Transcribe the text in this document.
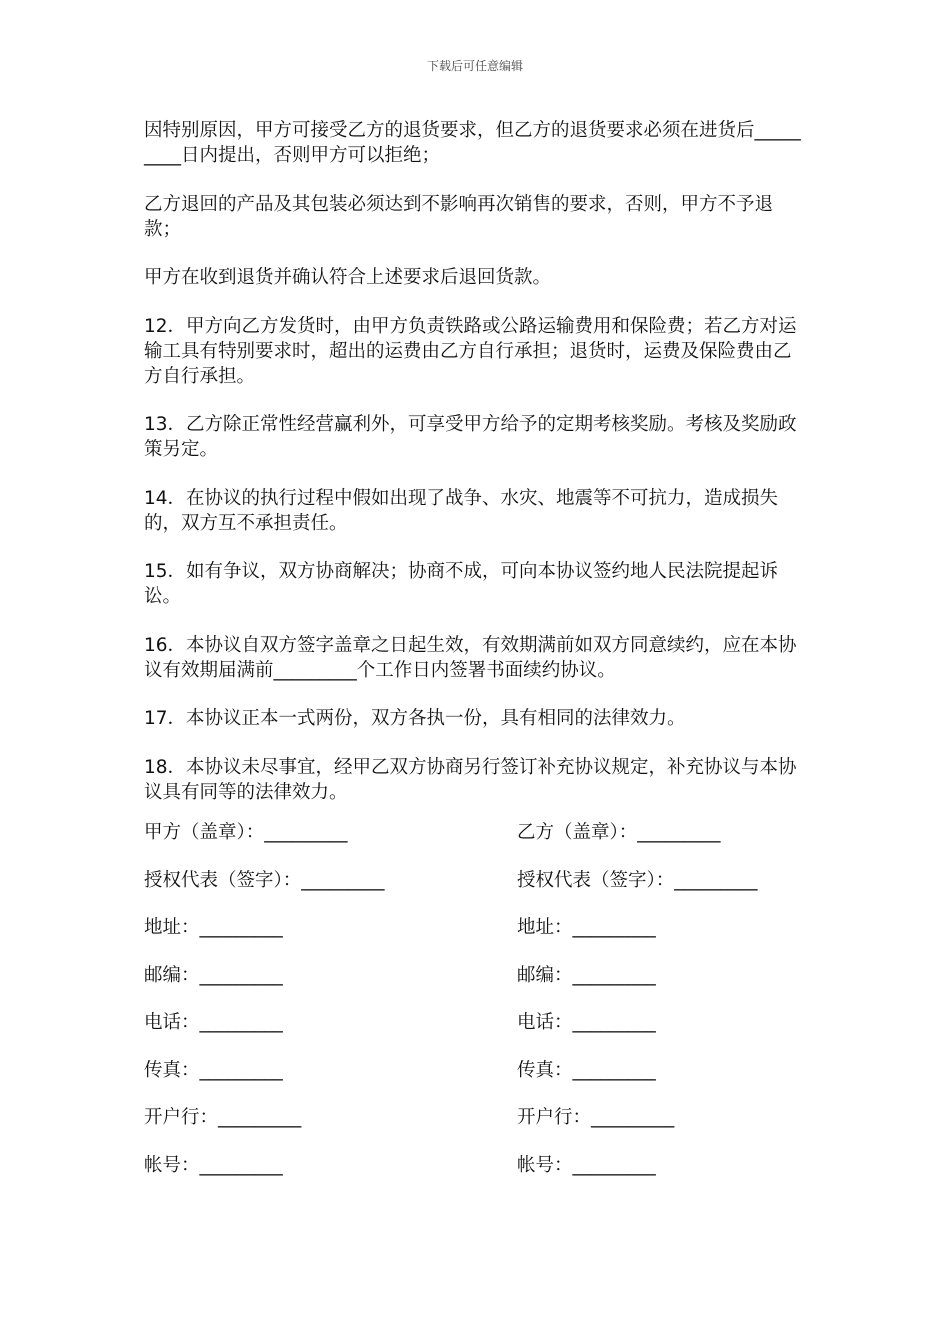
下载后可任意编辑

因特别原因，甲方可接受乙方的退货要求，但乙方的退货要求必须在进货后_________日内提出，否则甲方可以拒绝；

乙方退回的产品及其包装必须达到不影响再次销售的要求，否则，甲方不予退款；

甲方在收到退货并确认符合上述要求后退回货款。

12．甲方向乙方发货时，由甲方负责铁路或公路运输费用和保险费；若乙方对运输工具有特别要求时，超出的运费由乙方自行承担；退货时，运费及保险费由乙方自行承担。

13．乙方除正常性经营赢利外，可享受甲方给予的定期考核奖励。考核及奖励政策另定。

14．在协议的执行过程中假如出现了战争、水灾、地震等不可抗力，造成损失的，双方互不承担责任。

15．如有争议，双方协商解决；协商不成，可向本协议签约地人民法院提起诉讼。

16．本协议自双方签字盖章之日起生效，有效期满前如双方同意续约，应在本协议有效期届满前_________个工作日内签署书面续约协议。

17．本协议正本一式两份，双方各执一份，具有相同的法律效力。

18．本协议未尽事宜，经甲乙双方协商另行签订补充协议规定，补充协议与本协议具有同等的法律效力。

甲方（盖章）：_________	乙方（盖章）：_________
授权代表（签字）：_________	授权代表（签字）：_________
地址：_________	地址：_________
邮编：_________	邮编：_________
电话：_________	电话：_________
传真：_________	传真：_________
开户行：_________	开户行：_________
帐号：_________	帐号：_________
